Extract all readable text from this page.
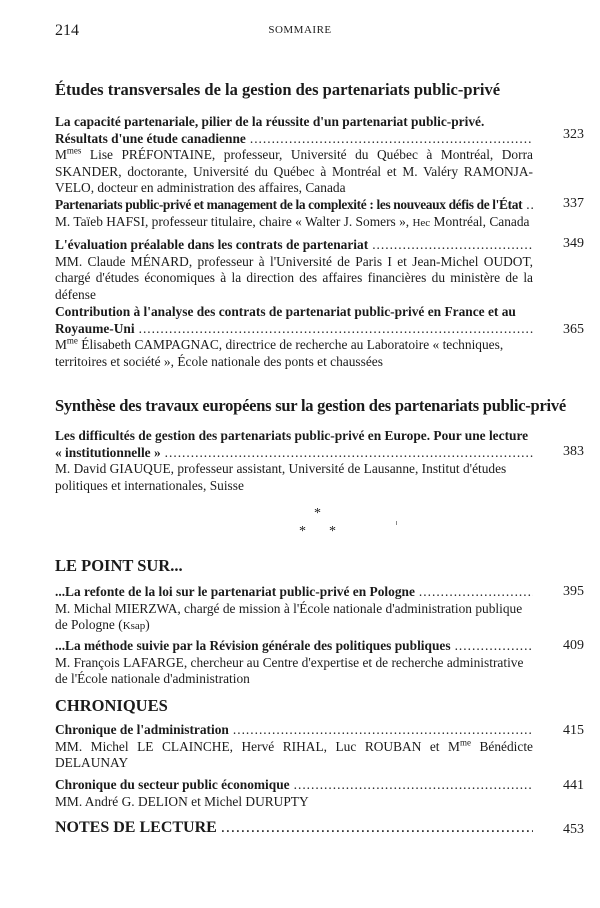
214	SOMMAIRE
Études transversales de la gestion des partenariats public-privé
La capacité partenariale, pilier de la réussite d'un partenariat public-privé.
Résultats d'une étude canadienne
.....
$M^{mes}$ Lise PRÉFONTAINE, professeur, Université du Québec à Montréal, Dorra SKANDER, doctorante, Université du Québec à Montréal et M. Valéry RAMONJA-VELO, docteur en administration des affaires, Canada
323
Partenariats public-privé et management de la complexité : les nouveaux défis de l'État
.....
M. Taïeb HAFSI, professeur titulaire, chaire « Walter J. Somers », Hec Montréal, Canada
337
L'évaluation préalable dans les contrats de partenariat
.....
MM. Claude MÉNARD, professeur à l'Université de Paris I et Jean-Michel OUDOT, chargé d'études économiques à la direction des affaires financières du ministère de la défense
349
Contribution à l'analyse des contrats de partenariat public-privé en France et au
Royaume-Uni
.....
$M^{me}$ Élisabeth CAMPAGNAC, directrice de recherche au Laboratoire « techniques, territoires et société », École nationale des ponts et chaussées
365
Synthèse des travaux européens sur la gestion des partenariats public-privé
Les difficultés de gestion des partenariats public-privé en Europe. Pour une lecture
« institutionnelle »
.....
M. David GIAUQUE, professeur assistant, Université de Lausanne, Institut d'études politiques et internationales, Suisse
383
*
* *
LE POINT SUR...
...La refonte de la loi sur le partenariat public-privé en Pologne
.....
M. Michal MIERZWA, chargé de mission à l'École nationale d'administration publique de Pologne (Ksap)
395
...La méthode suivie par la Révision générale des politiques publiques
.....
M. François LAFARGE, chercheur au Centre d'expertise et de recherche administrative de l'École nationale d'administration
409
CHRONIQUES
Chronique de l'administration
.....
MM. Michel LE CLAINCHE, Hervé RIHAL, Luc ROUBAN et $M^{me}$ Bénédicte DELAUNAY
415
Chronique du secteur public économique
.....
MM. André G. DELION et Michel DURUPTY
441
NOTES DE LECTURE
.....	453
